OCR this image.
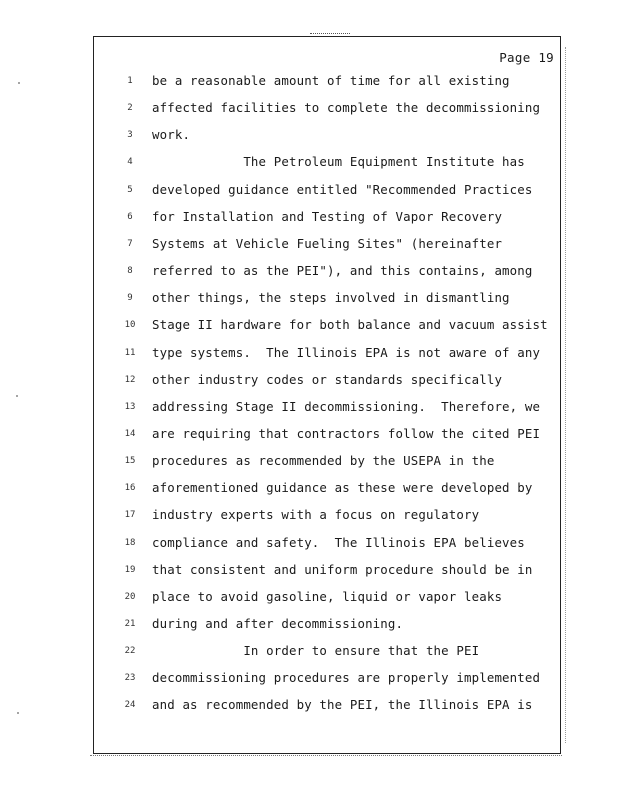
Page 19
1	be a reasonable amount of time for all existing
2	affected facilities to complete the decommissioning
3	work.
4	The Petroleum Equipment Institute has
5	developed guidance entitled "Recommended Practices
6	for Installation and Testing of Vapor Recovery
7	Systems at Vehicle Fueling Sites" (hereinafter
8	referred to as the PEI"), and this contains, among
9	other things, the steps involved in dismantling
10	Stage II hardware for both balance and vacuum assist
11	type systems.  The Illinois EPA is not aware of any
12	other industry codes or standards specifically
13	addressing Stage II decommissioning.  Therefore, we
14	are requiring that contractors follow the cited PEI
15	procedures as recommended by the USEPA in the
16	aforementioned guidance as these were developed by
17	industry experts with a focus on regulatory
18	compliance and safety.  The Illinois EPA believes
19	that consistent and uniform procedure should be in
20	place to avoid gasoline, liquid or vapor leaks
21	during and after decommissioning.
22	In order to ensure that the PEI
23	decommissioning procedures are properly implemented
24	and as recommended by the PEI, the Illinois EPA is
